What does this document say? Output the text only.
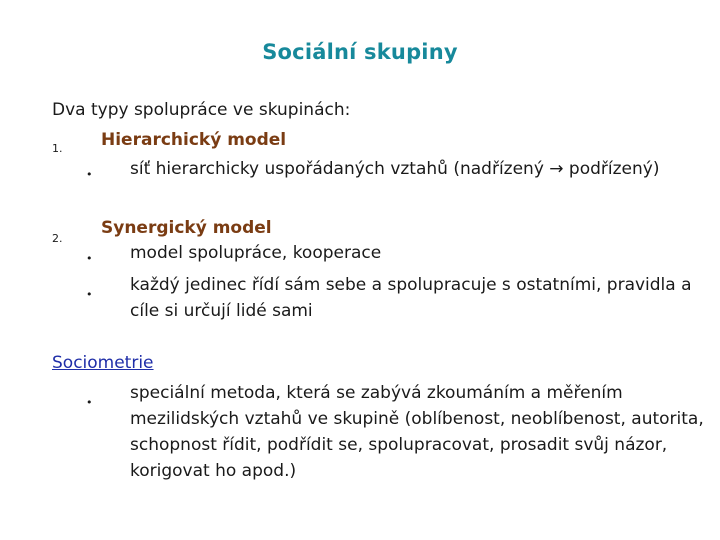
Sociální skupiny
Dva typy spolupráce ve skupinách:
1. Hierarchický model
• síť hierarchicky uspořádaných vztahů (nadřízený → podřízený)
2.
Synergický model
• model spolupráce, kooperace
• každý jedinec řídí sám sebe a spolupracuje s ostatními, pravidla a cíle si určují lidé sami
Sociometrie
• speciální metoda, která se zabývá zkoumáním a měřením mezilidských vztahů ve skupině (oblíbenost, neoblíbenost, autorita, schopnost řídit, podřídit se, spolupracovat, prosadit svůj názor, korigovat ho apod.)
